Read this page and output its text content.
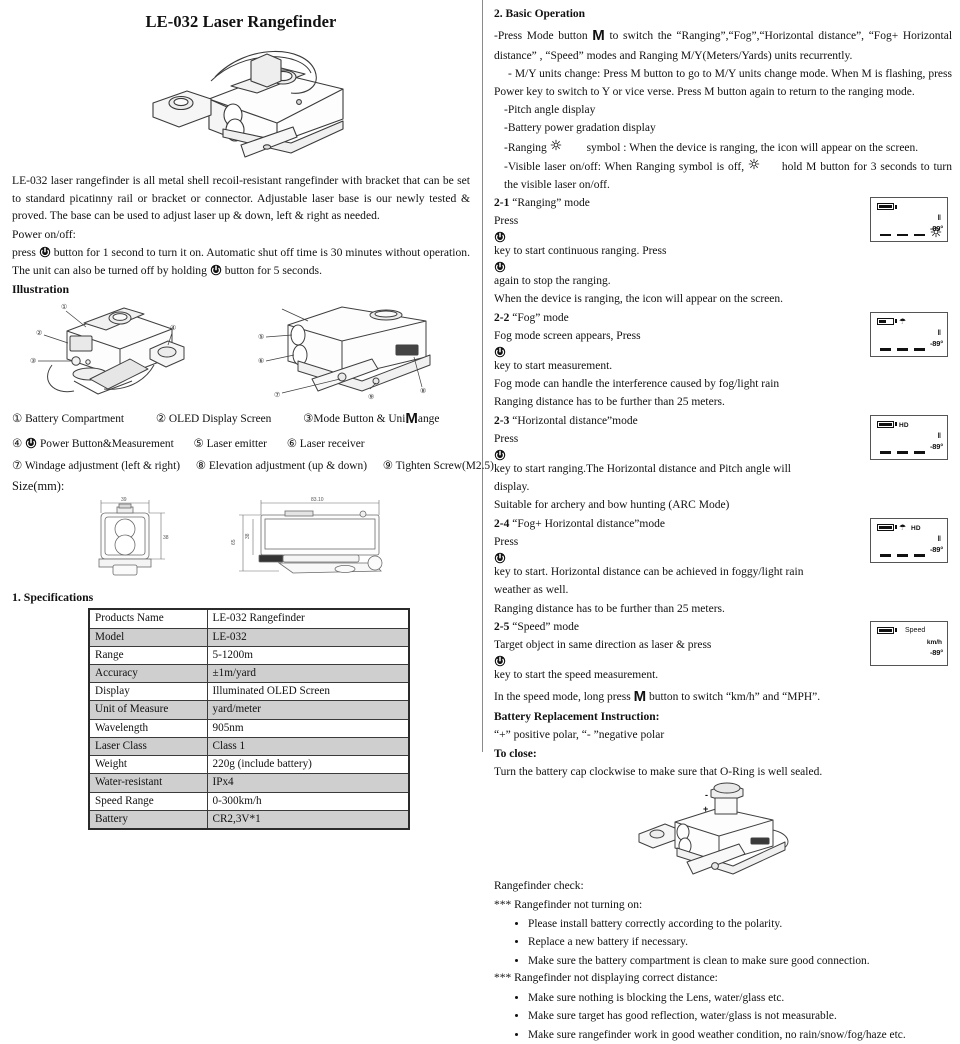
LE-032 Laser Rangefinder

LE-032 laser rangefinder is all metal shell recoil-resistant rangefinder with bracket that can be set to standard picatinny rail or bracket or connector. Adjustable laser base is our newly tested & proved. The base can be used to adjust laser up & down, left & right as needed.

Power on/off:

press button for 1 second to turn it on. Automatic shut off time is 30 minutes without operation. The unit can also be turned off by holding button for 5 seconds.

Illustration

①
②
③
④
⑤
⑥
⑦	⑨
⑧
① Battery Compartment	② OLED Display Screen	③Mode Button & UniMange
④ Power Button&Measurement ⑤ Laser emitter ⑥ Laser receiver
⑦ Windage adjustment (left & right) ⑧ Elevation adjustment (up & down) ⑨ Tighten Screw(M2.5)

Size(mm):

39
38
83.10
65
38

1. Specifications

Products Name	LE-032 Rangefinder
Model	LE-032
Range	5-1200m
Accuracy	±1m/yard
Display	Illuminated OLED Screen
Unit of Measure	yard/meter
Wavelength	905nm
Laser Class	Class 1
Weight	220g (include battery)
Water-resistant	IPx4
Speed Range	0-300km/h
Battery	CR2,3V*1

2. Basic Operation

-Press Mode button M to switch the “Ranging”,“Fog”,“Horizontal distance”, “Fog+ Horizontal distance” , “Speed” modes and Ranging M/Y(Meters/Yards) units recurrently.

- M/Y units change: Press M button to go to M/Y units change mode. When M is flashing, press Power key to switch to Y or vice verse. Press M button again to return to the ranging mode.

-Pitch angle display

-Battery power gradation display

-Ranging	symbol : When the device is ranging, the icon will appear on the screen.

-Visible laser on/off: When Ranging symbol is off,	hold M button for 3 seconds to turn the visible laser on/off.

2-1 “Ranging” mode

Press
key to start continuous ranging. Press
again to stop the ranging.

When the device is ranging, the icon will appear on the screen.

‖
-89°

2-2 “Fog” mode

Fog mode screen appears, Press
key to start measurement.

Fog mode can handle the interference caused by fog/light rain

Ranging distance has to be further than 25 meters.

☂
‖
-89°

2-3 “Horizontal distance”mode

Press
key to start ranging.The Horizontal distance and Pitch angle will

display.

Suitable for archery and bow hunting (ARC Mode)

HD
‖
-89°

2-4 “Fog+ Horizontal distance”mode

Press
key to start. Horizontal distance can be achieved in foggy/light rain

weather as well.

Ranging distance has to be further than 25 meters.

☂ HD
‖
-89°

2-5 “Speed” mode

Target object in same direction as laser & press
key to start the speed measurement.

In the speed mode, long press M button to switch “km/h” and “MPH”.

Speed
km/h
-89°

Battery Replacement Instruction:

“+” positive polar, “- ”negative polar

To close:

Turn the battery cap clockwise to make sure that O-Ring is well sealed.

-
+

Rangefinder check:

*** Rangefinder not turning on:

• Please install battery correctly according to the polarity.
• Replace a new battery if necessary.
• Make sure the battery compartment is clean to make sure good connection.

*** Rangefinder not displaying correct distance:

• Make sure nothing is blocking the Lens, water/glass etc.
• Make sure target has good reflection, water/glass is not measurable.
• Make sure rangefinder work in good weather condition, no rain/snow/fog/haze etc.
